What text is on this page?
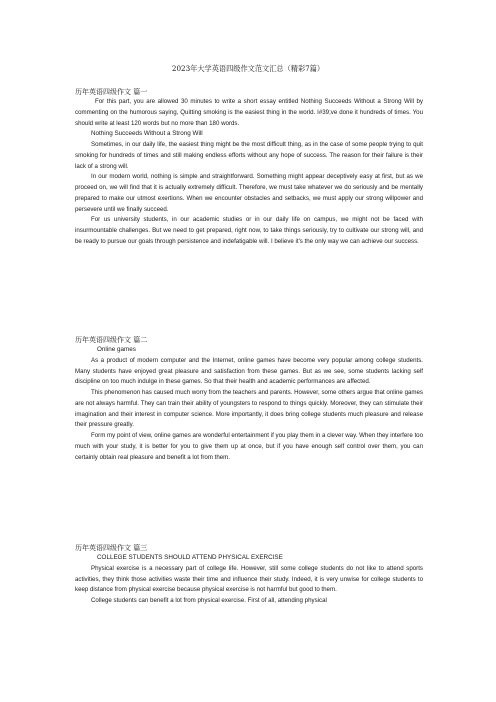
2023年大学英语四级作文范文汇总（精彩7篇）

历年英语四级作文 篇一

For this part, you are allowed 30 minutes to write a short essay entitled Nothing Succeeds Without a Strong Will by commenting on the humorous saying, Quitting smoking is the easiest thing in the world. I#39;ve done it hundreds of times. You should write at least 120 words but no more than 180 words.

Nothing Succeeds Without a Strong Will

Sometimes, in our daily life, the easiest thing might be the most difficult thing, as in the case of some people trying to quit smoking for hundreds of times and still making endless efforts without any hope of success. The reason for their failure is their lack of a strong will.

In our modern world, nothing is simple and straightforward. Something might appear deceptively easy at first, but as we proceed on, we will find that it is actually extremely difficult. Therefore, we must take whatever we do seriously and be mentally prepared to make our utmost exertions. When we encounter obstacles and setbacks, we must apply our strong willpower and persevere until we finally succeed.

For us university students, in our academic studies or in our daily life on campus, we might not be faced with insurmountable challenges. But we need to get prepared, right now, to take things seriously, try to cultivate our strong will, and be ready to pursue our goals through persistence and indefatigable will. I believe it's the only way we can achieve our success.

历年英语四级作文 篇二

Online games

As a product of modern computer and the Internet, online games have become very popular among college students. Many students have enjoyed great pleasure and satisfaction from these games. But as we see, some students lacking self discipline on too much indulge in these games. So that their health and academic performances are affected.

This phenomenon has caused much worry from the teachers and parents. However, some others argue that online games are not always harmful. They can train their ability of youngsters to respond to things quickly. Moreover, they can stimulate their imagination and their interest in computer science. More importantly, it does bring college students much pleasure and release their pressure greatly.

Form my point of view, online games are wonderful entertainment if you play them in a clever way. When they interfere too much with your study, it is better for you to give them up at once, but if you have enough self control over them, you can certainly obtain real pleasure and benefit a lot from them.

历年英语四级作文 篇三

COLLEGE STUDENTS SHOULD ATTEND PHYSICAL EXERCISE

Physical exercise is a necessary part of college life. However, still some college students do not like to attend sports activities, they think those activities waste their time and influence their study. Indeed, it is very unwise for college students to keep distance from physical exercise because physical exercise is not harmful but good to them.

College students can benefit a lot from physical exercise. First of all, attending physical
